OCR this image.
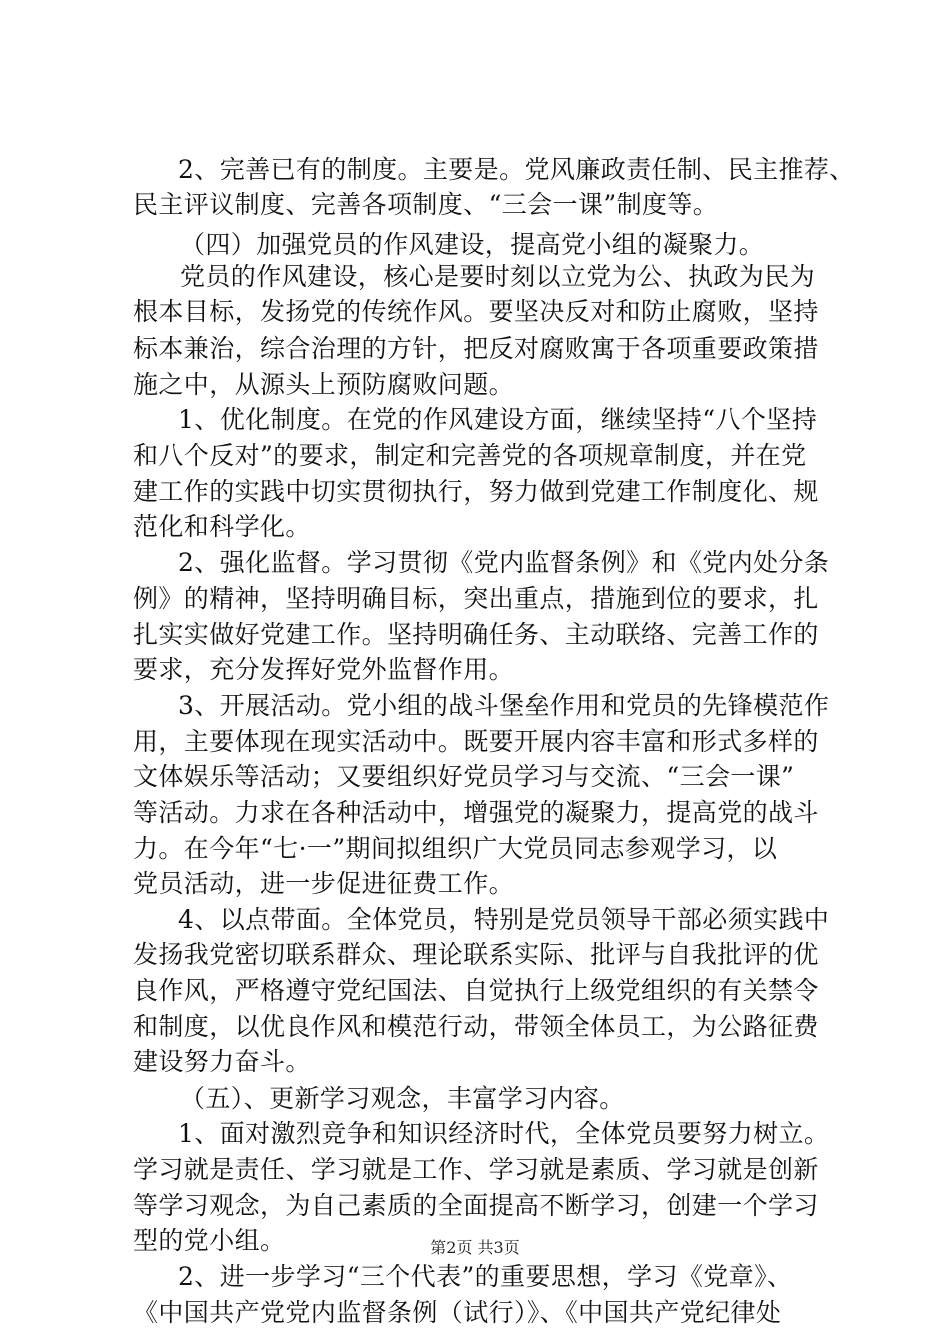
2、完善已有的制度。主要是。党风廉政责任制、民主推荐、
民主评议制度、完善各项制度、“三会一课”制度等。
（四）加强党员的作风建设，提高党小组的凝聚力。
党员的作风建设，核心是要时刻以立党为公、执政为民为
根本目标，发扬党的传统作风。要坚决反对和防止腐败，坚持
标本兼治，综合治理的方针，把反对腐败寓于各项重要政策措
施之中，从源头上预防腐败问题。
1、优化制度。在党的作风建设方面，继续坚持“八个坚持
和八个反对”的要求，制定和完善党的各项规章制度，并在党
建工作的实践中切实贯彻执行，努力做到党建工作制度化、规
范化和科学化。
2、强化监督。学习贯彻《党内监督条例》和《党内处分条
例》的精神，坚持明确目标，突出重点，措施到位的要求，扎
扎实实做好党建工作。坚持明确任务、主动联络、完善工作的
要求，充分发挥好党外监督作用。
3、开展活动。党小组的战斗堡垒作用和党员的先锋模范作
用，主要体现在现实活动中。既要开展内容丰富和形式多样的
文体娱乐等活动；又要组织好党员学习与交流、“三会一课”
等活动。力求在各种活动中，增强党的凝聚力，提高党的战斗
力。在今年“七·一”期间拟组织广大党员同志参观学习，以
党员活动，进一步促进征费工作。
4、以点带面。全体党员，特别是党员领导干部必须实践中
发扬我党密切联系群众、理论联系实际、批评与自我批评的优
良作风，严格遵守党纪国法、自觉执行上级党组织的有关禁令
和制度，以优良作风和模范行动，带领全体员工，为公路征费
建设努力奋斗。
（五）、更新学习观念，丰富学习内容。
1、面对激烈竞争和知识经济时代，全体党员要努力树立。
学习就是责任、学习就是工作、学习就是素质、学习就是创新
等学习观念，为自己素质的全面提高不断学习，创建一个学习
型的党小组。
2、进一步学习“三个代表”的重要思想，学习《党章》、
《中国共产党党内监督条例（试行）》、《中国共产党纪律处
第2页 共3页
